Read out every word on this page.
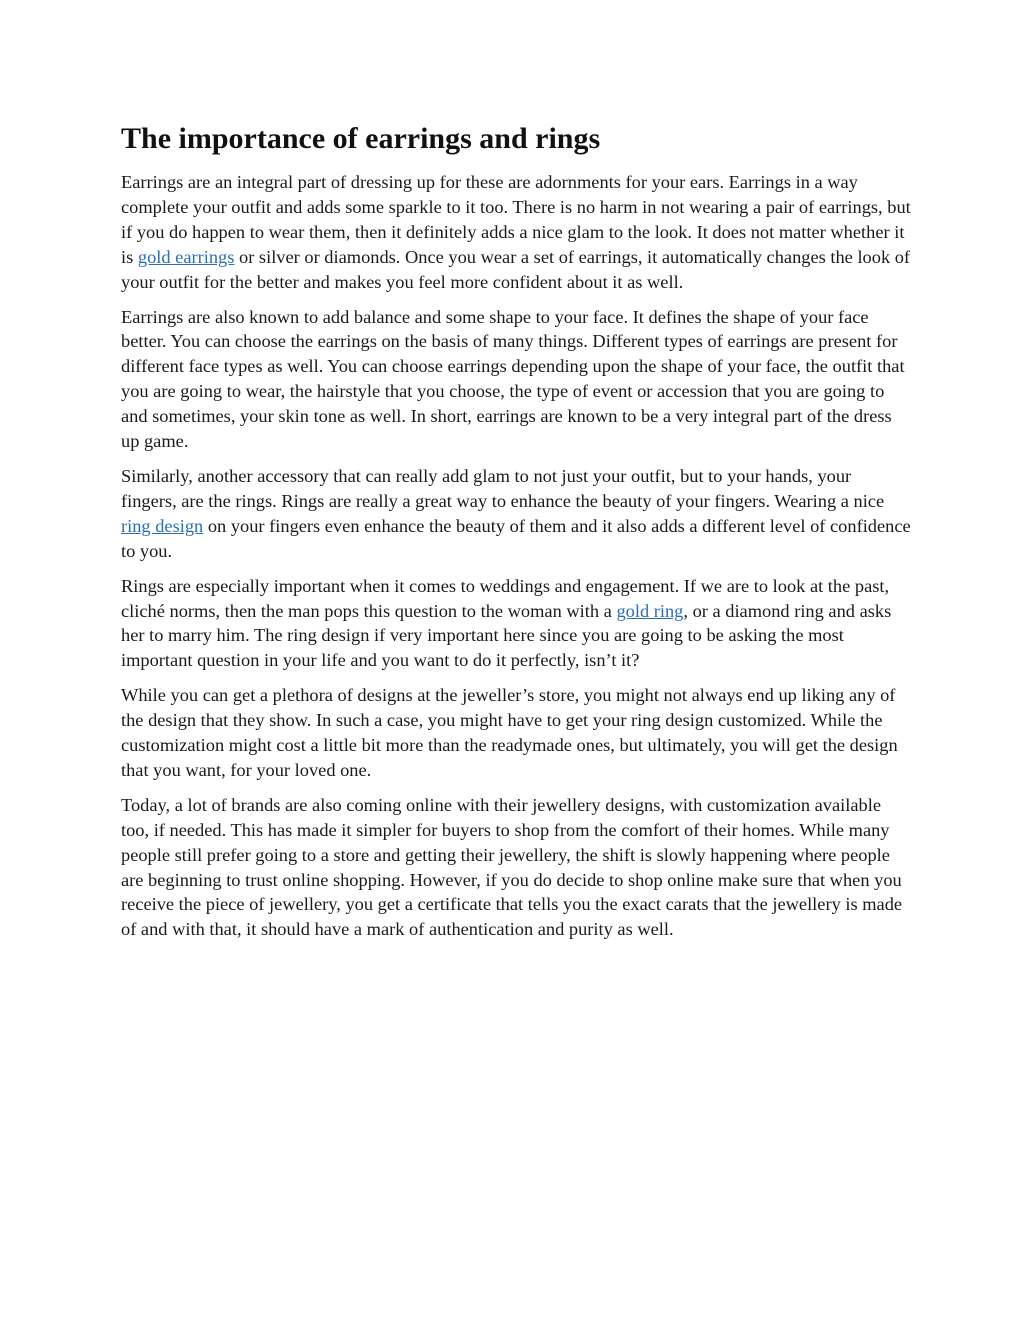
The importance of earrings and rings

Earrings are an integral part of dressing up for these are adornments for your ears. Earrings in a way complete your outfit and adds some sparkle to it too. There is no harm in not wearing a pair of earrings, but if you do happen to wear them, then it definitely adds a nice glam to the look. It does not matter whether it is gold earrings or silver or diamonds. Once you wear a set of earrings, it automatically changes the look of your outfit for the better and makes you feel more confident about it as well.

Earrings are also known to add balance and some shape to your face. It defines the shape of your face better. You can choose the earrings on the basis of many things. Different types of earrings are present for different face types as well. You can choose earrings depending upon the shape of your face, the outfit that you are going to wear, the hairstyle that you choose, the type of event or accession that you are going to and sometimes, your skin tone as well. In short, earrings are known to be a very integral part of the dress up game.

Similarly, another accessory that can really add glam to not just your outfit, but to your hands, your fingers, are the rings. Rings are really a great way to enhance the beauty of your fingers. Wearing a nice ring design on your fingers even enhance the beauty of them and it also adds a different level of confidence to you.

Rings are especially important when it comes to weddings and engagement. If we are to look at the past, cliché norms, then the man pops this question to the woman with a gold ring, or a diamond ring and asks her to marry him. The ring design if very important here since you are going to be asking the most important question in your life and you want to do it perfectly, isn’t it?

While you can get a plethora of designs at the jeweller’s store, you might not always end up liking any of the design that they show. In such a case, you might have to get your ring design customized. While the customization might cost a little bit more than the readymade ones, but ultimately, you will get the design that you want, for your loved one.

Today, a lot of brands are also coming online with their jewellery designs, with customization available too, if needed. This has made it simpler for buyers to shop from the comfort of their homes. While many people still prefer going to a store and getting their jewellery, the shift is slowly happening where people are beginning to trust online shopping. However, if you do decide to shop online make sure that when you receive the piece of jewellery, you get a certificate that tells you the exact carats that the jewellery is made of and with that, it should have a mark of authentication and purity as well.
